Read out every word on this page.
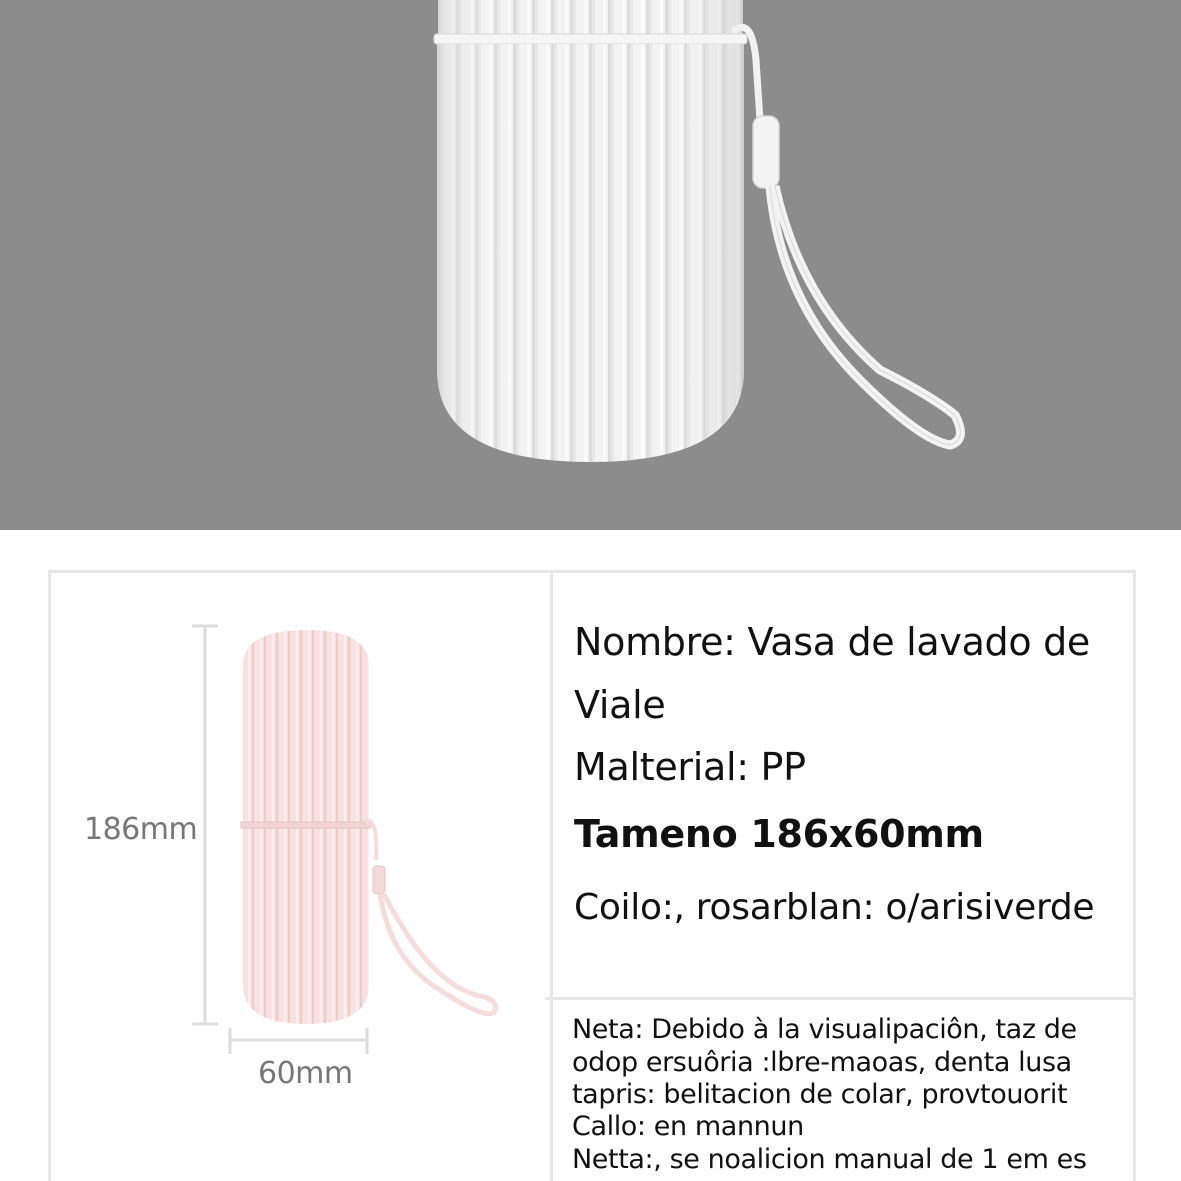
186mm
60mm
Nombre: Vasa de lavado de
Viale
Malterial: PP
Tameno 186x60mm
Coilo:, rosarblan: o/arisiverde
Neta: Debido à la visualipaciôn, taz de
odop ersuôria :lbre-maoas, denta lusa
tapris: belitacion de colar, provtouorit
Callo: en mannun
Netta:, se noalicion manual de 1 em es
